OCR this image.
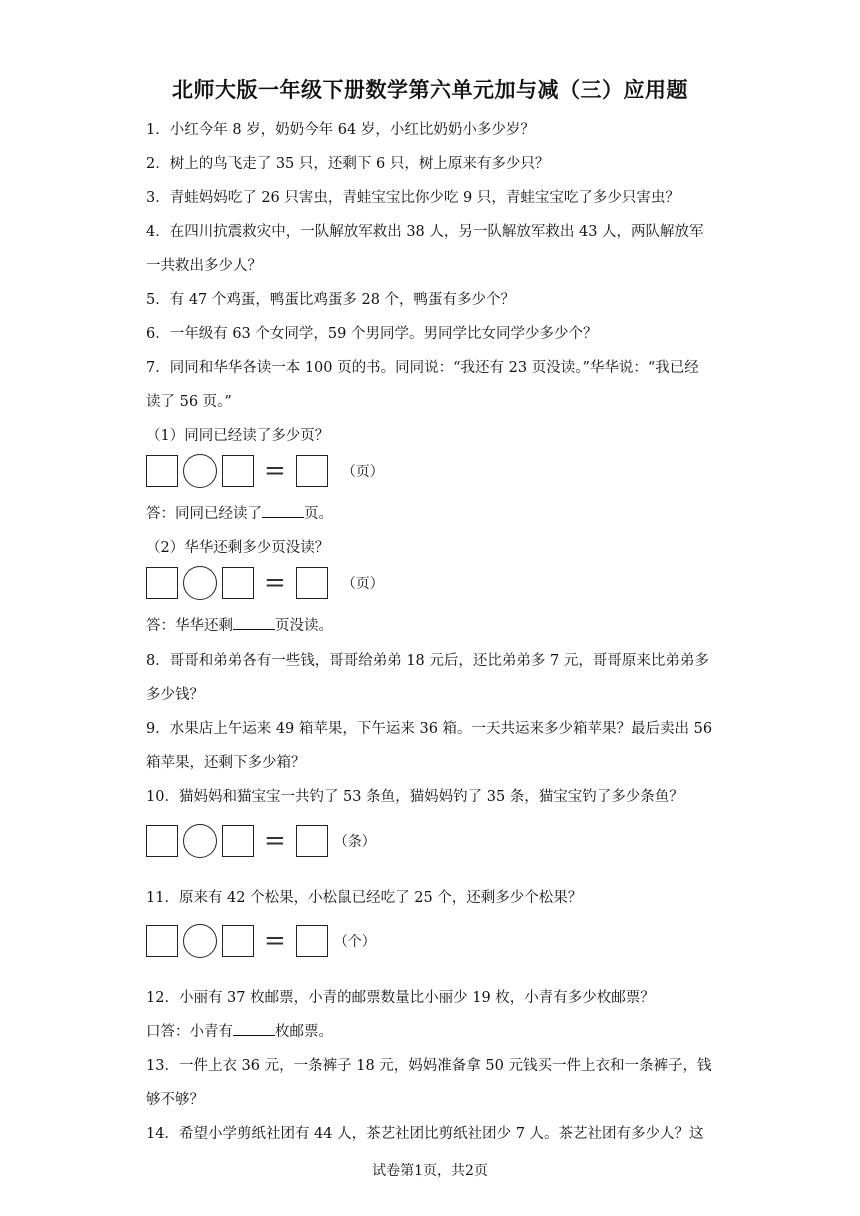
北师大版一年级下册数学第六单元加与减（三）应用题
1．小红今年 8 岁，奶奶今年 64 岁，小红比奶奶小多少岁？
2．树上的鸟飞走了 35 只，还剩下 6 只，树上原来有多少只？
3．青蛙妈妈吃了 26 只害虫，青蛙宝宝比你少吃 9 只，青蛙宝宝吃了多少只害虫？
4．在四川抗震救灾中，一队解放军救出 38 人，另一队解放军救出 43 人，两队解放军
一共救出多少人？
5．有 47 个鸡蛋，鸭蛋比鸡蛋多 28 个，鸭蛋有多少个？
6．一年级有 63 个女同学，59 个男同学。男同学比女同学少多少个？
7．同同和华华各读一本 100 页的书。同同说：“我还有 23 页没读。”华华说：“我已经
读了 56 页。”
（1）同同已经读了多少页？
=	（页）
答：同同已经读了	页。
（2）华华还剩多少页没读？
=	（页）
答：华华还剩	页没读。
8．哥哥和弟弟各有一些钱，哥哥给弟弟 18 元后，还比弟弟多 7 元，哥哥原来比弟弟多
多少钱？
9．水果店上午运来 49 箱苹果，下午运来 36 箱。一天共运来多少箱苹果？最后卖出 56
箱苹果，还剩下多少箱？
10．猫妈妈和猫宝宝一共钓了 53 条鱼，猫妈妈钓了 35 条，猫宝宝钓了多少条鱼？
=	（条）
11．原来有 42 个松果，小松鼠已经吃了 25 个，还剩多少个松果？
=	（个）
12．小丽有 37 枚邮票，小青的邮票数量比小丽少 19 枚，小青有多少枚邮票？
口答：小青有	枚邮票。
13．一件上衣 36 元，一条裤子 18 元，妈妈准备拿 50 元钱买一件上衣和一条裤子，钱
够不够？
14．希望小学剪纸社团有 44 人，茶艺社团比剪纸社团少 7 人。茶艺社团有多少人？这
试卷第1页，共2页
